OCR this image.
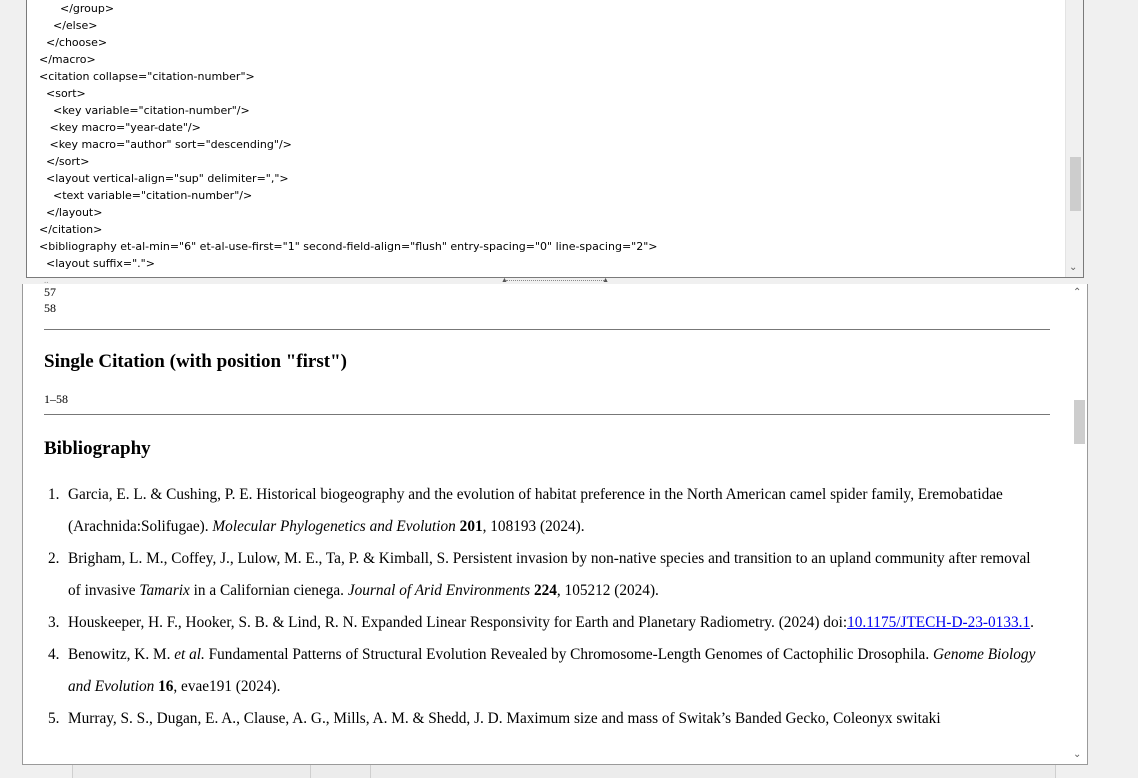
</group>
</else>
</choose>
</macro>
<citation collapse="citation-number">
<sort>
<key variable="citation-number"/>
<key macro="year-date"/>
<key macro="author" sort="descending"/>
</sort>
<layout vertical-align="sup" delimiter=",">
<text variable="citation-number"/>
</layout>
</citation>
<bibliography et-al-min="6" et-al-use-first="1" second-field-align="flush" entry-spacing="0" line-spacing="2">
<layout suffix=".">	⌄
▲	▲
..
57
58
Single Citation (with position "first")
1–58
Bibliography
1. Garcia, E. L. & Cushing, P. E. Historical biogeography and the evolution of habitat preference in the North American camel spider family, Eremobatidae (Arachnida:Solifugae). Molecular Phylogenetics and Evolution 201, 108193 (2024).
2. Brigham, L. M., Coffey, J., Lulow, M. E., Ta, P. & Kimball, S. Persistent invasion by non-native species and transition to an upland community after removal of invasive Tamarix in a Californian cienega. Journal of Arid Environments 224, 105212 (2024).
3. Houskeeper, H. F., Hooker, S. B. & Lind, R. N. Expanded Linear Responsivity for Earth and Planetary Radiometry. (2024) doi:10.1175/JTECH-D-23-0133.1.
4. Benowitz, K. M. et al. Fundamental Patterns of Structural Evolution Revealed by Chromosome-Length Genomes of Cactophilic Drosophila. Genome Biology and Evolution 16, evae191 (2024).
5. Murray, S. S., Dugan, E. A., Clause, A. G., Mills, A. M. & Shedd, J. D. Maximum size and mass of Switak’s Banded Gecko, Coleonyx switaki
⌃
⌄
